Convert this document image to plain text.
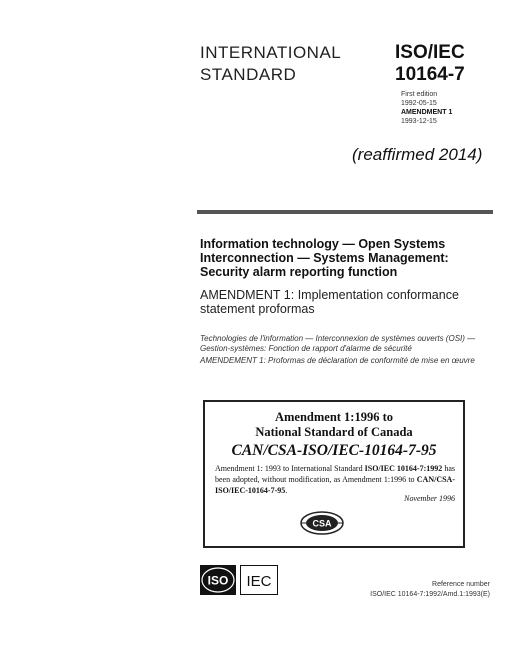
INTERNATIONAL
STANDARD
ISO/IEC
10164-7
First edition
1992-05-15
AMENDMENT 1
1993-12-15
(reaffirmed 2014)
Information technology — Open Systems Interconnection — Systems Management: Security alarm reporting function
AMENDMENT 1: Implementation conformance statement proformas
Technologies de l'information — Interconnexion de systèmes ouverts (OSI) — Gestion-systèmes: Fonction de rapport d'alarme de sécurité
AMENDEMENT 1: Proformas de déclaration de conformité de mise en œuvre
Amendment 1:1996 to
National Standard of Canada
CAN/CSA-ISO/IEC-10164-7-95
Amendment 1: 1993 to International Standard ISO/IEC 10164-7:1992 has been adopted, without modification, as Amendment 1:1996 to CAN/CSA-ISO/IEC-10164-7-95.
November 1996
CSA
ISO IEC	Reference number
ISO/IEC 10164-7:1992/Amd.1:1993(E)
